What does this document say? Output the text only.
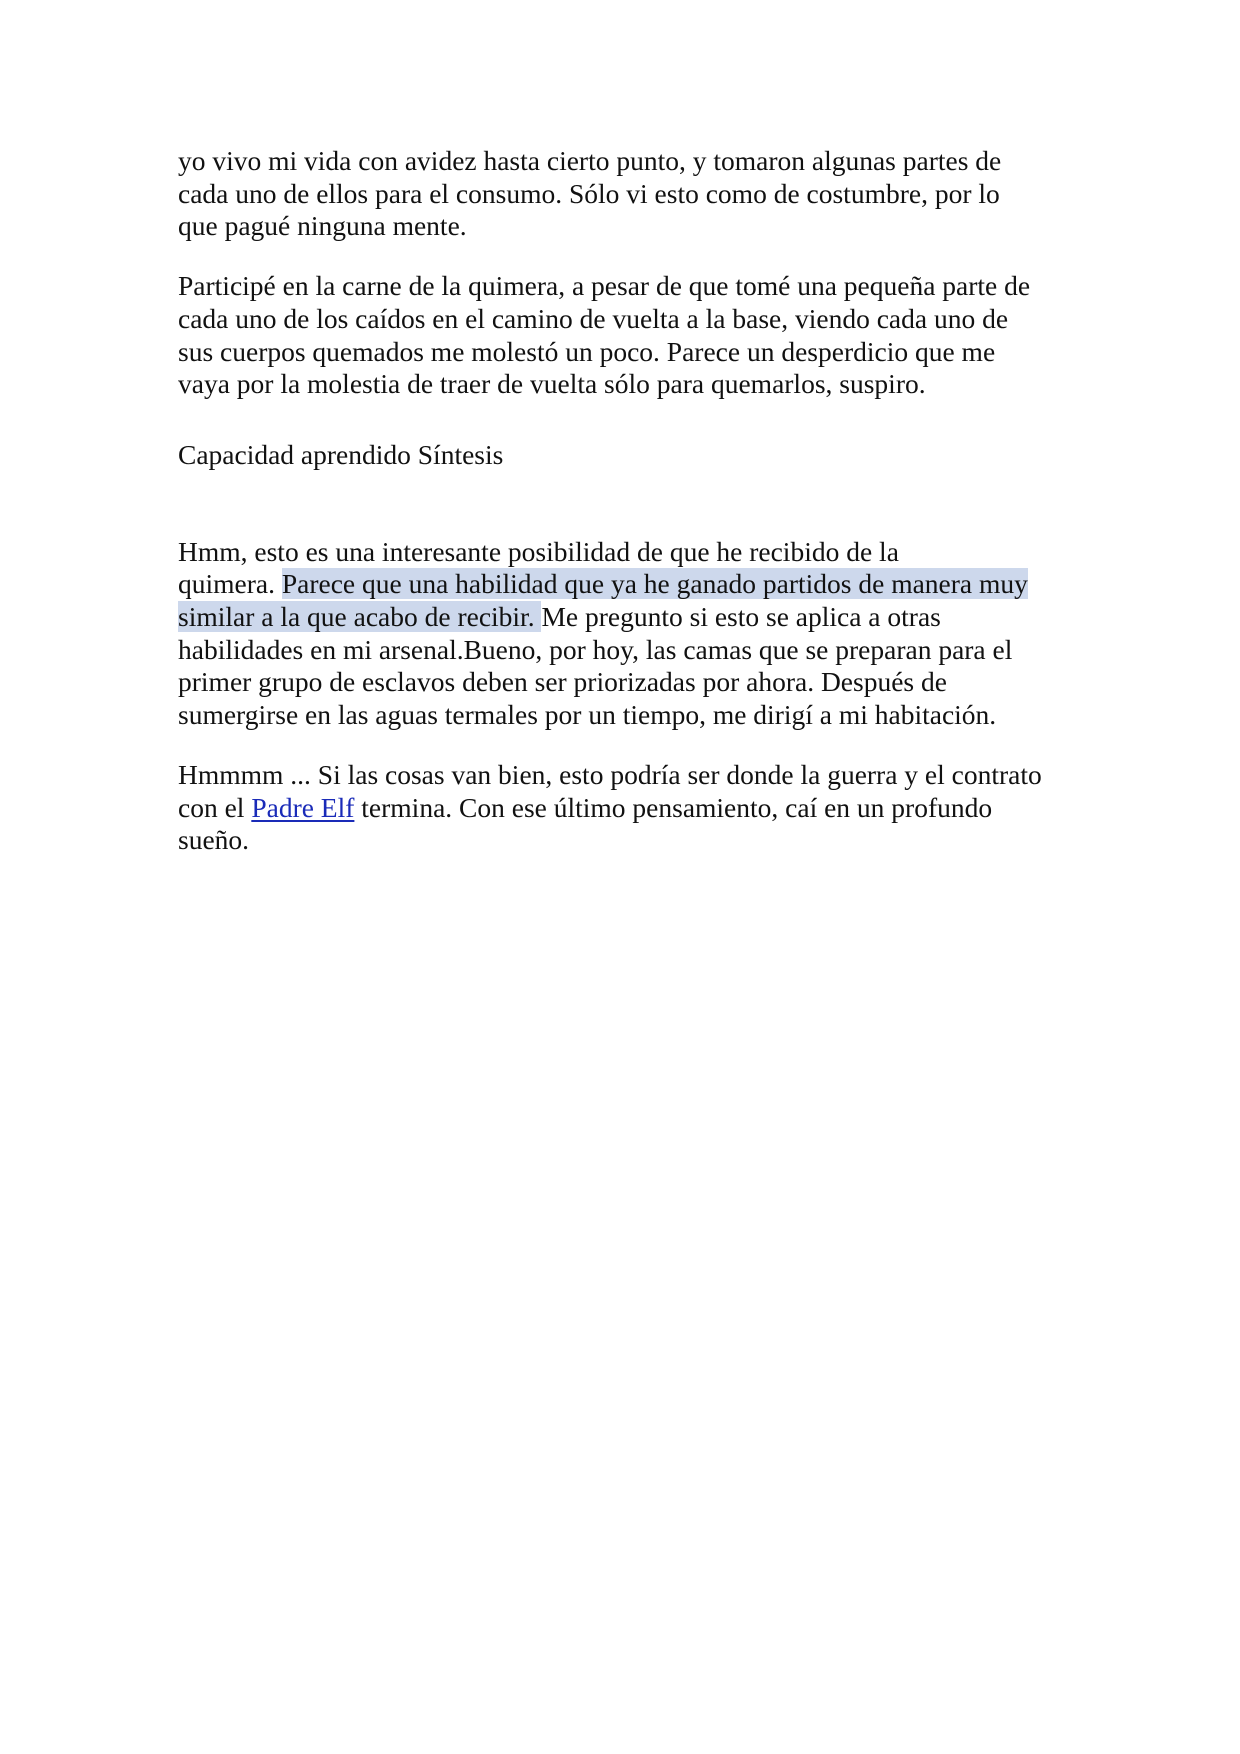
yo vivo mi vida con avidez hasta cierto punto, y tomaron algunas partes de
cada uno de ellos para el consumo. Sólo vi esto como de costumbre, por lo
que pagué ninguna mente.
Participé en la carne de la quimera, a pesar de que tomé una pequeña parte de
cada uno de los caídos en el camino de vuelta a la base, viendo cada uno de
sus cuerpos quemados me molestó un poco. Parece un desperdicio que me
vaya por la molestia de traer de vuelta sólo para quemarlos, suspiro.
Capacidad aprendido Síntesis
Hmm, esto es una interesante posibilidad de que he recibido de la
quimera. Parece que una habilidad que ya he ganado partidos de manera muy
similar a la que acabo de recibir. Me pregunto si esto se aplica a otras
habilidades en mi arsenal.Bueno, por hoy, las camas que se preparan para el
primer grupo de esclavos deben ser priorizadas por ahora. Después de
sumergirse en las aguas termales por un tiempo, me dirigí a mi habitación.
Hmmmm ... Si las cosas van bien, esto podría ser donde la guerra y el contrato
con el Padre Elf termina. Con ese último pensamiento, caí en un profundo
sueño.
